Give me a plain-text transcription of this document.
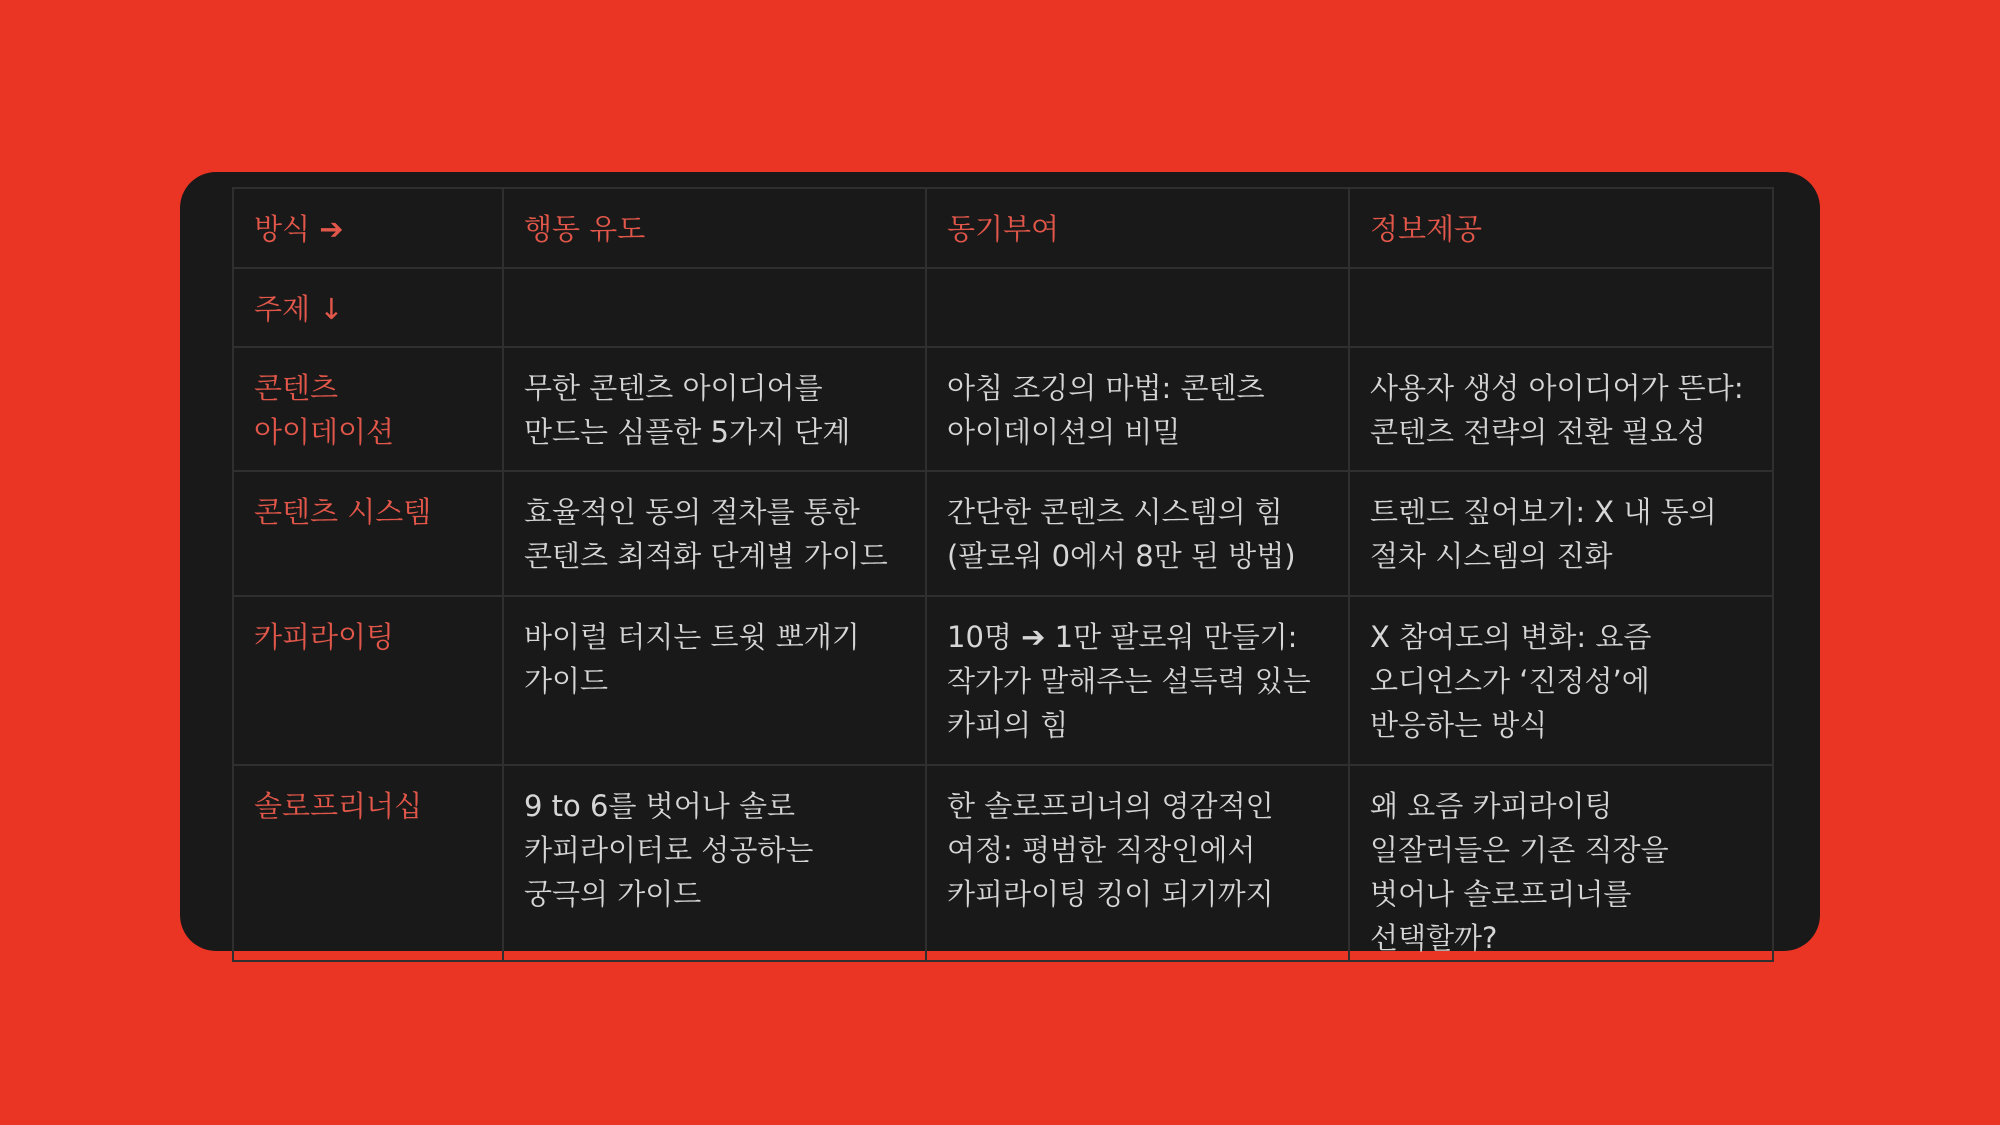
방식 ➔	행동 유도	동기부여	정보제공
주제 ↓			
콘텐츠 아이데이션	무한 콘텐츠 아이디어를 만드는 심플한 5가지 단계	아침 조깅의 마법: 콘텐츠 아이데이션의 비밀	사용자 생성 아이디어가 뜬다: 콘텐츠 전략의 전환 필요성
콘텐츠 시스템	효율적인 동의 절차를 통한 콘텐츠 최적화 단계별 가이드	간단한 콘텐츠 시스템의 힘 (팔로워 0에서 8만 된 방법)	트렌드 짚어보기: X 내 동의 절차 시스템의 진화
카피라이팅	바이럴 터지는 트윗 뽀개기 가이드	10명 ➔ 1만 팔로워 만들기: 작가가 말해주는 설득력 있는 카피의 힘	X 참여도의 변화: 요즘 오디언스가 ‘진정성’에 반응하는 방식
솔로프리너십	9 to 6를 벗어나 솔로 카피라이터로 성공하는 궁극의 가이드	한 솔로프리너의 영감적인 여정: 평범한 직장인에서 카피라이팅 킹이 되기까지	왜 요즘 카피라이팅 일잘러들은 기존 직장을 벗어나 솔로프리너를 선택할까?
